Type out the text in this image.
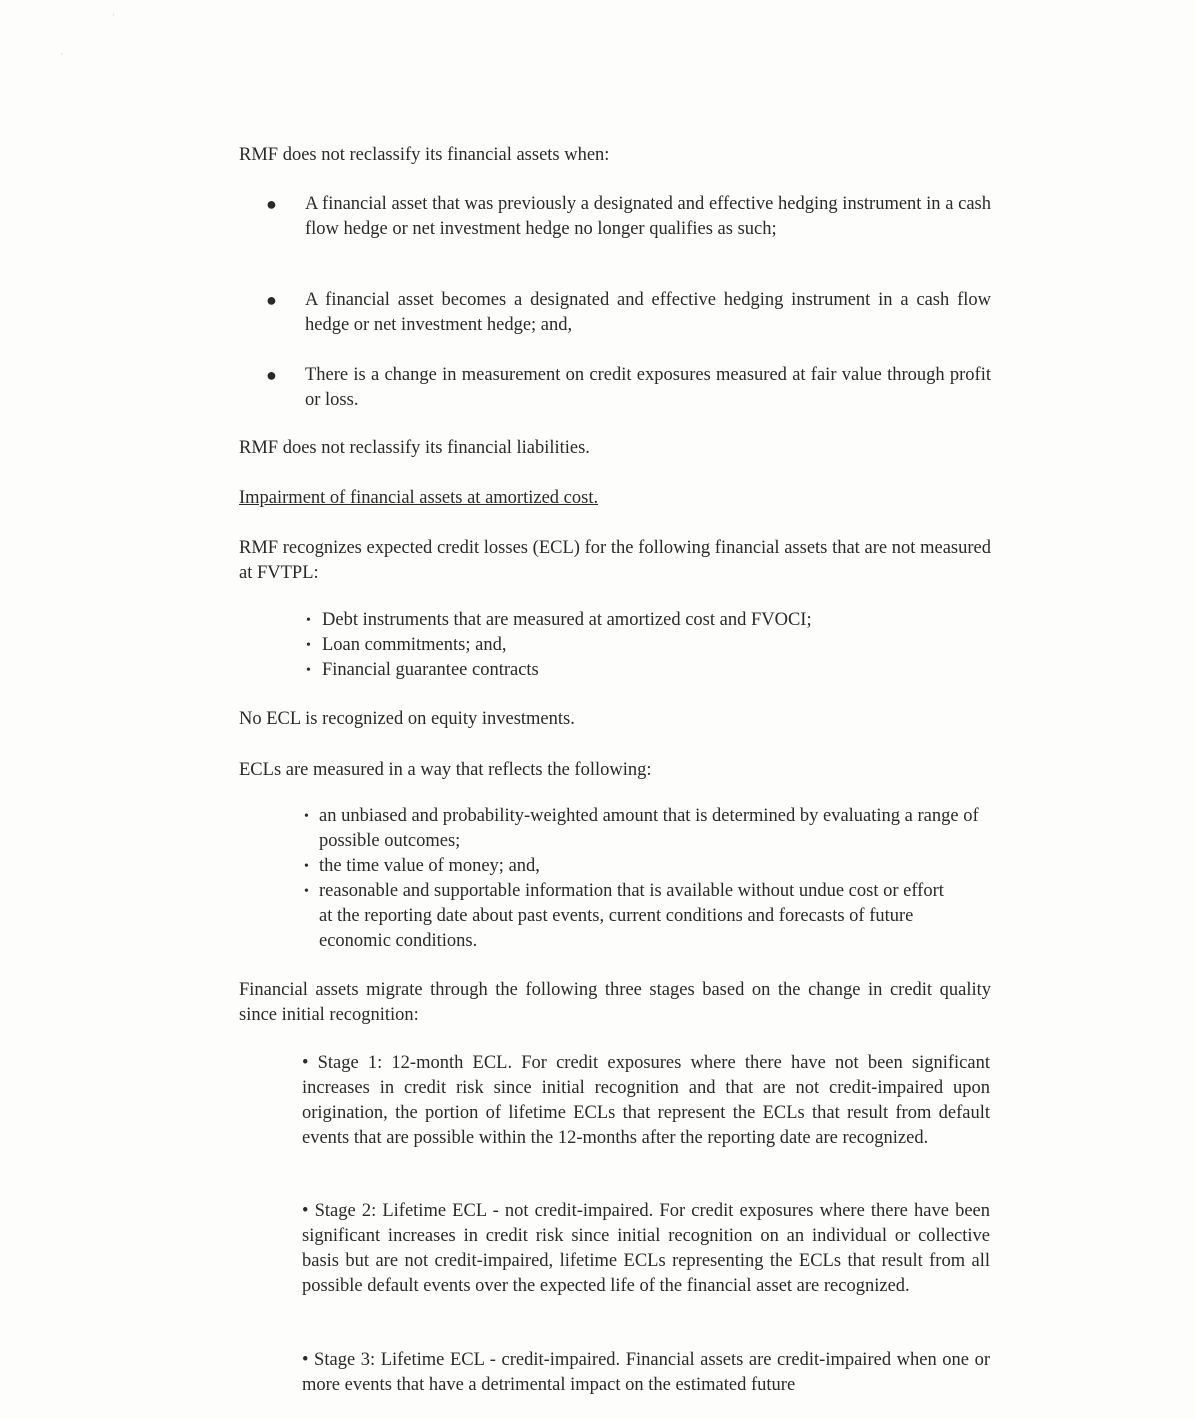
RMF does not reclassify its financial assets when:

● A financial asset that was previously a designated and effective hedging instrument in a cash flow hedge or net investment hedge no longer qualifies as such;
● A financial asset becomes a designated and effective hedging instrument in a cash flow hedge or net investment hedge; and,
● There is a change in measurement on credit exposures measured at fair value through profit or loss.

RMF does not reclassify its financial liabilities.

Impairment of financial assets at amortized cost.

RMF recognizes expected credit losses (ECL) for the following financial assets that are not measured at FVTPL:

• Debt instruments that are measured at amortized cost and FVOCI;
• Loan commitments; and,
• Financial guarantee contracts

No ECL is recognized on equity investments.

ECLs are measured in a way that reflects the following:

• an unbiased and probability-weighted amount that is determined by evaluating a range of possible outcomes;
• the time value of money; and,
• reasonable and supportable information that is available without undue cost or effort at the reporting date about past events, current conditions and forecasts of future economic conditions.

Financial assets migrate through the following three stages based on the change in credit quality since initial recognition:

• Stage 1: 12-month ECL. For credit exposures where there have not been significant increases in credit risk since initial recognition and that are not credit-impaired upon origination, the portion of lifetime ECLs that represent the ECLs that result from default events that are possible within the 12-months after the reporting date are recognized.

• Stage 2: Lifetime ECL - not credit-impaired. For credit exposures where there have been significant increases in credit risk since initial recognition on an individual or collective basis but are not credit-impaired, lifetime ECLs representing the ECLs that result from all possible default events over the expected life of the financial asset are recognized.

• Stage 3: Lifetime ECL - credit-impaired. Financial assets are credit-impaired when one or more events that have a detrimental impact on the estimated future

·
·
